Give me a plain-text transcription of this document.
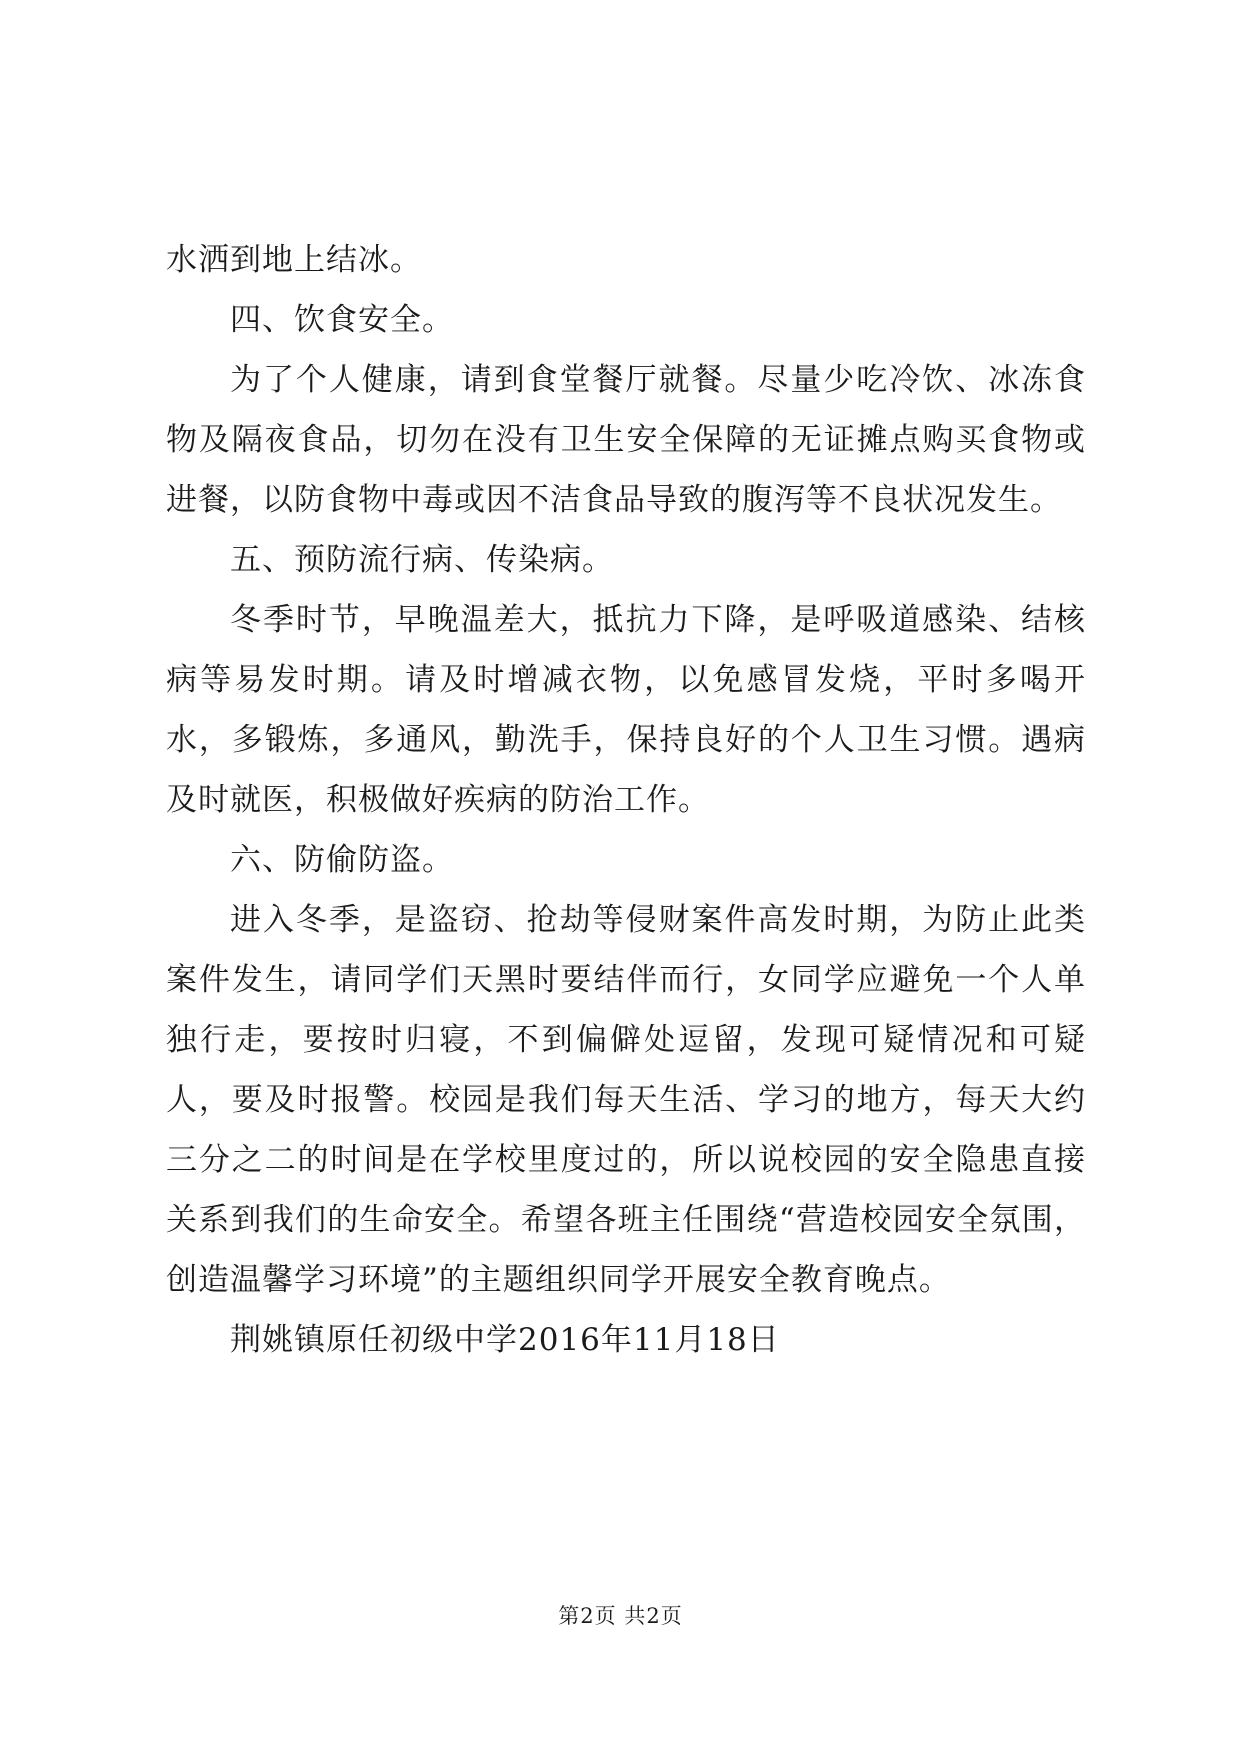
水洒到地上结冰。
四、饮食安全。
为了个人健康，请到食堂餐厅就餐。尽量少吃冷饮、冰冻食物及隔夜食品，切勿在没有卫生安全保障的无证摊点购买食物或进餐，以防食物中毒或因不洁食品导致的腹泻等不良状况发生。
五、预防流行病、传染病。
冬季时节，早晚温差大，抵抗力下降，是呼吸道感染、结核病等易发时期。请及时增减衣物，以免感冒发烧，平时多喝开水，多锻炼，多通风，勤洗手，保持良好的个人卫生习惯。遇病及时就医，积极做好疾病的防治工作。
六、防偷防盗。
进入冬季，是盗窃、抢劫等侵财案件高发时期，为防止此类案件发生，请同学们天黑时要结伴而行，女同学应避免一个人单独行走，要按时归寝，不到偏僻处逗留，发现可疑情况和可疑人，要及时报警。校园是我们每天生活、学习的地方，每天大约三分之二的时间是在学校里度过的，所以说校园的安全隐患直接关系到我们的生命安全。希望各班主任围绕“营造校园安全氛围，创造温馨学习环境”的主题组织同学开展安全教育晚点。
荆姚镇原任初级中学2016年11月18日
第2页 共2页
